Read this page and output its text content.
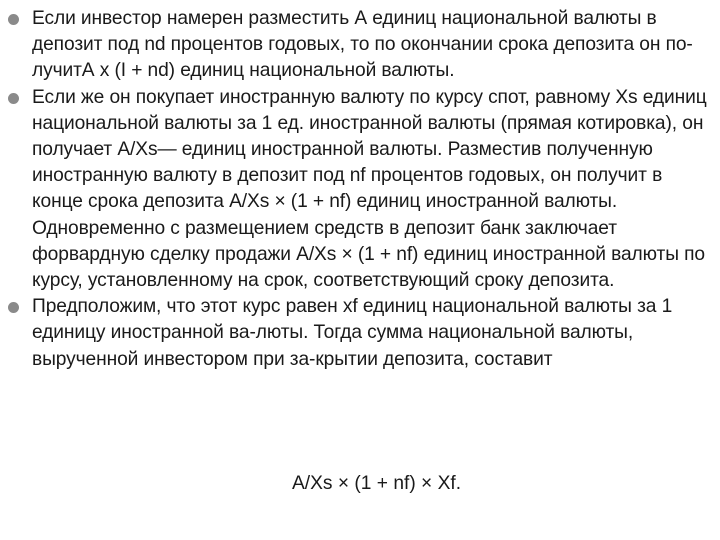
Если инвестор намерен разместить А единиц национальной валюты в депозит под nd процентов годовых, то по окончании срока депозита он по-лучитА х (I + nd) единиц национальной валюты.
Если же он покупает иностранную валюту по курсу спот, равному Xs единиц национальной валюты за 1 ед. иностранной валюты (прямая котировка), он получает A/Xs— единиц иностранной валюты. Разместив полученную иностранную валюту в депозит под nf процентов годовых, он получит в конце срока депозита A/Xs × (1 + nf) единиц иностранной валюты. Одновременно с размещением средств в депозит банк заключает форвардную сделку продажи A/Xs × (1 + nf) единиц иностранной валюты по курсу, установленному на срок, соответствующий сроку депозита.
Предположим, что этот курс равен xf единиц национальной валюты за 1 единицу иностранной ва-люты. Тогда сумма национальной валюты, вырученной инвестором при за-крытии депозита, составит
A/Xs × (1 + nf) × Xf.
